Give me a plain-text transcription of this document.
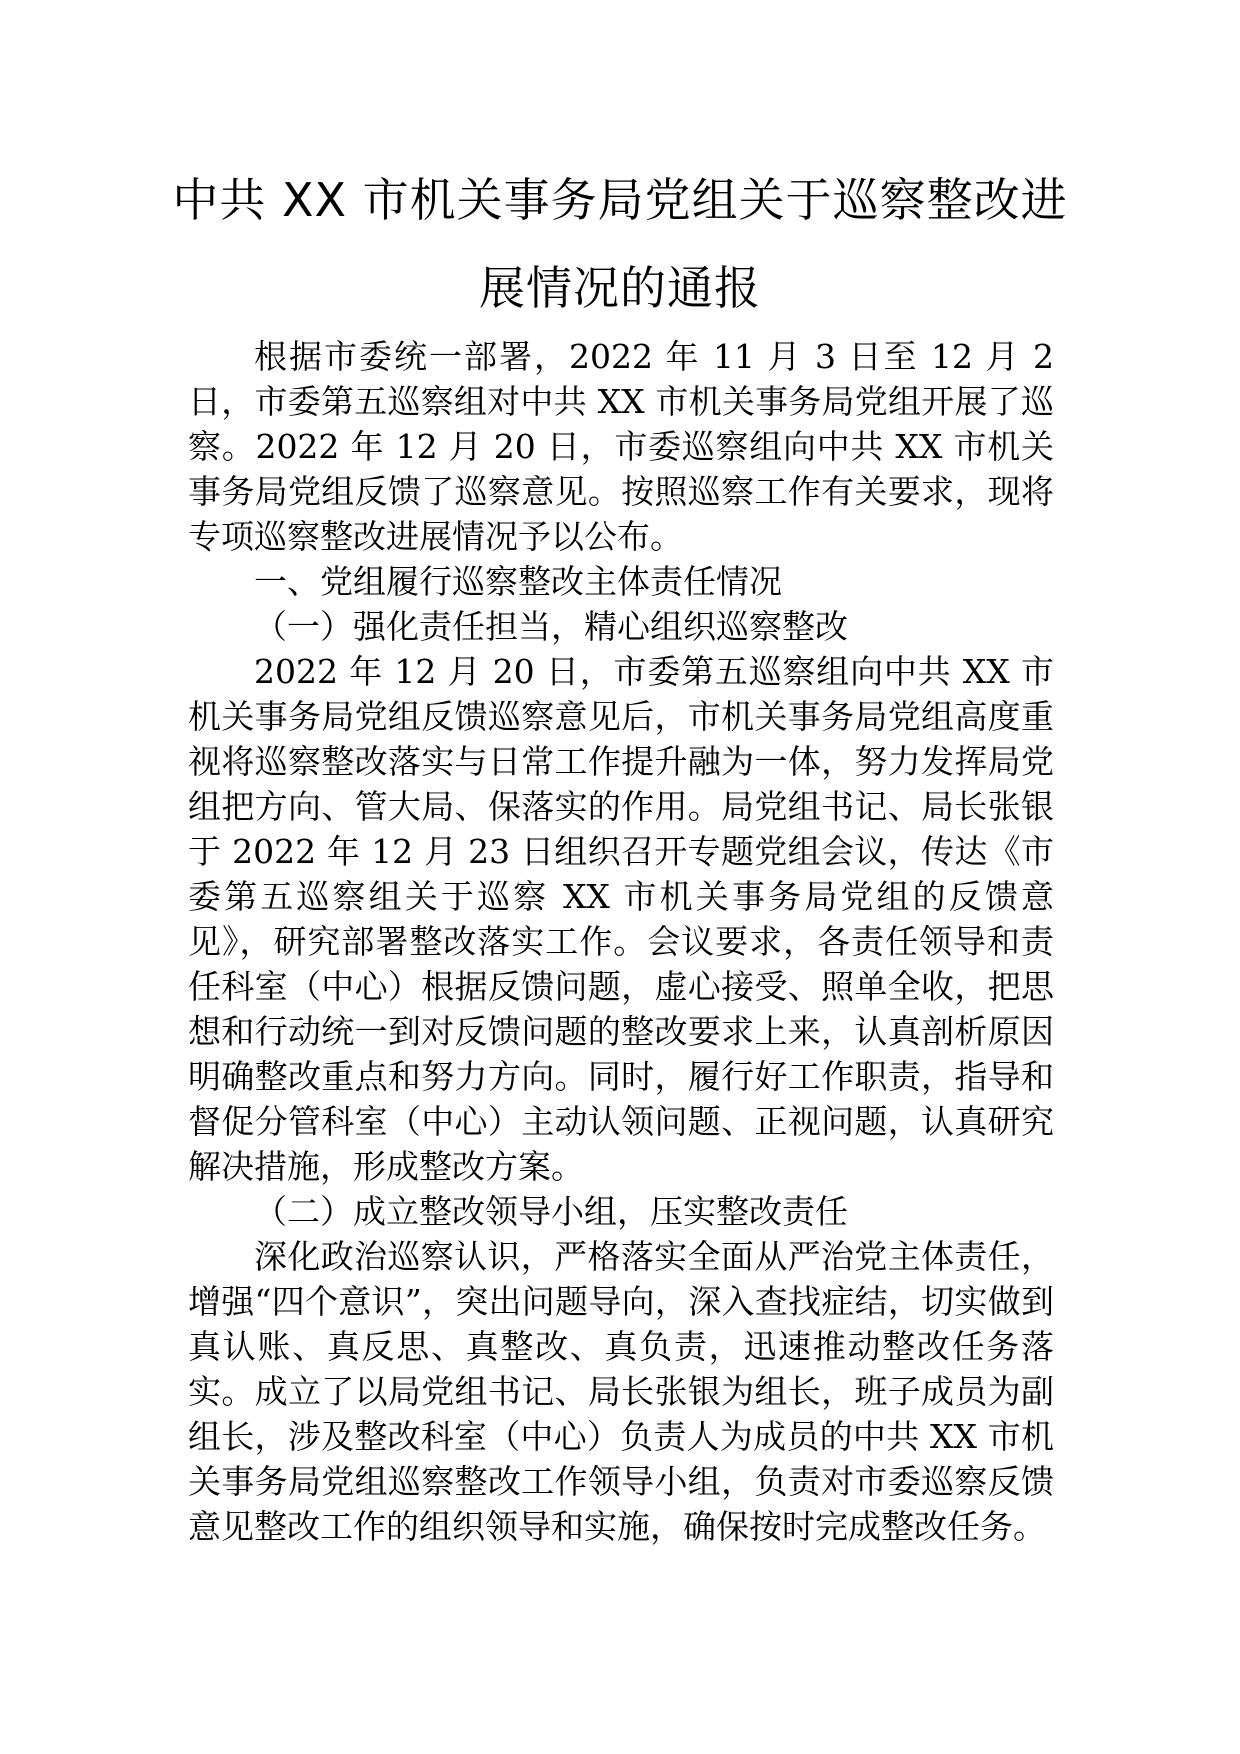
中共 XX 市机关事务局党组关于巡察整改进
展情况的通报

根据市委统一部署，2022 年 11 月 3 日至 12 月 2 日，市委第五巡察组对中共 XX 市机关事务局党组开展了巡察。2022 年 12 月 20 日，市委巡察组向中共 XX 市机关事务局党组反馈了巡察意见。按照巡察工作有关要求，现将专项巡察整改进展情况予以公布。

一、党组履行巡察整改主体责任情况

（一）强化责任担当，精心组织巡察整改

2022 年 12 月 20 日，市委第五巡察组向中共 XX 市机关事务局党组反馈巡察意见后，市机关事务局党组高度重视将巡察整改落实与日常工作提升融为一体，努力发挥局党组把方向、管大局、保落实的作用。局党组书记、局长张银于 2022 年 12 月 23 日组织召开专题党组会议，传达《市委第五巡察组关于巡察 XX 市机关事务局党组的反馈意见》，研究部署整改落实工作。会议要求，各责任领导和责任科室（中心）根据反馈问题，虚心接受、照单全收，把思想和行动统一到对反馈问题的整改要求上来，认真剖析原因明确整改重点和努力方向。同时，履行好工作职责，指导和督促分管科室（中心）主动认领问题、正视问题，认真研究解决措施，形成整改方案。

（二）成立整改领导小组，压实整改责任

深化政治巡察认识，严格落实全面从严治党主体责任，增强“四个意识”，突出问题导向，深入查找症结，切实做到真认账、真反思、真整改、真负责，迅速推动整改任务落实。成立了以局党组书记、局长张银为组长，班子成员为副组长，涉及整改科室（中心）负责人为成员的中共 XX 市机关事务局党组巡察整改工作领导小组，负责对市委巡察反馈意见整改工作的组织领导和实施，确保按时完成整改任务。
